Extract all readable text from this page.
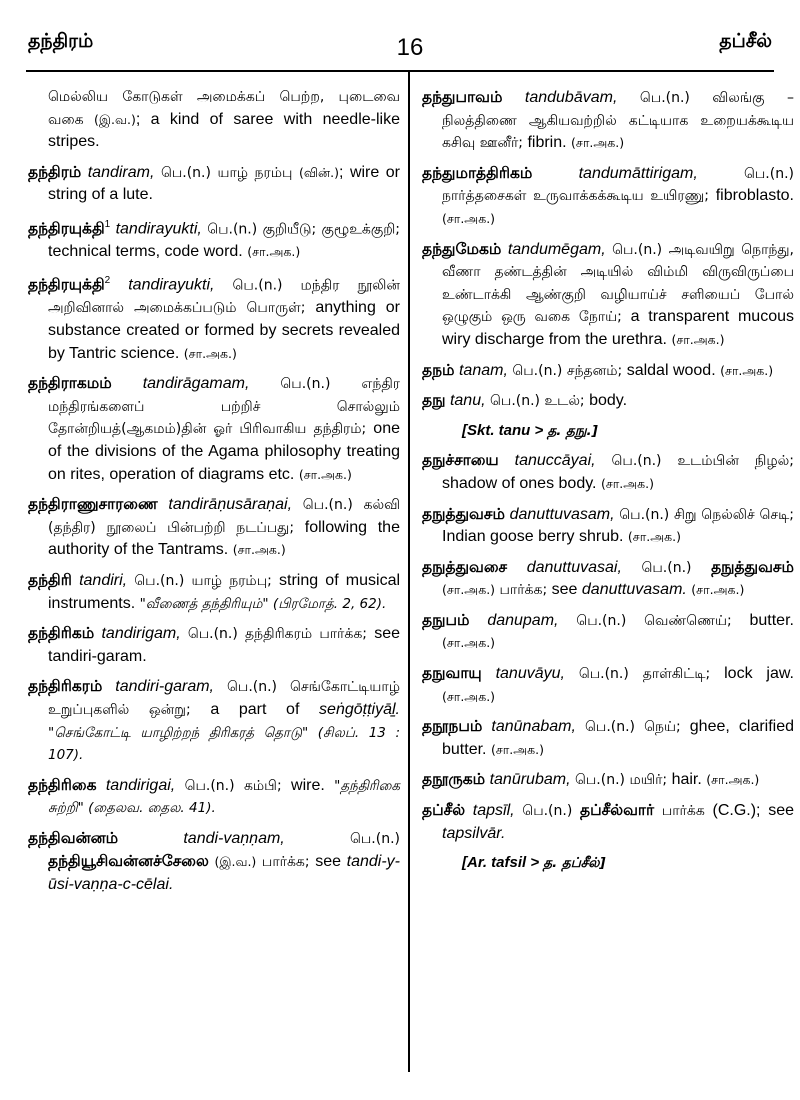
தந்திரம்	16	தப்சீல்

மெல்லிய கோடுகள் அமைக்கப் பெற்ற, புடைவை வகை (இ.வ.); a kind of saree with needle-like stripes.

தந்திரம் tandiram, பெ.(n.) யாழ் நரம்பு (வின்.); wire or string of a lute.

தந்திரயுக்தி$^1$ tandirayukti, பெ.(n.) குறியீடு; குழூஉக்குறி; technical terms, code word. (சா.அக.)

தந்திரயுக்தி$^2$ tandirayukti, பெ.(n.) மந்திர நூலின் அறிவினால் அமைக்கப்படும் பொருள்; anything or substance created or formed by secrets revealed by Tantric science. (சா.அக.)

தந்திராகமம் tandirāgamam, பெ.(n.) எந்திர மந்திரங்களைப் பற்றிச் சொல்லும் தோன்றியத்(ஆகமம்)தின் ஓர் பிரிவாகிய தந்திரம்; one of the divisions of the Agama philosophy treating on rites, operation of diagrams etc. (சா.அக.)

தந்திராணுசாரணை tandirāṇusāraṇai, பெ.(n.) கல்வி (தந்திர) நூலைப் பின்பற்றி நடப்பது; following the authority of the Tantrams. (சா.அக.)

தந்திரி tandiri, பெ.(n.) யாழ் நரம்பு; string of musical instruments. "வீணைத் தந்திரியும்" (பிரமோத். 2, 62).

தந்திரிகம் tandirigam, பெ.(n.) தந்திரிகரம் பார்க்க; see tandiri-garam.

தந்திரிகரம் tandiri-garam, பெ.(n.) செங்கோட்டியாழ் உறுப்புகளில் ஒன்று; a part of seṅgōṭṭiyāḻ. "செங்கோட்டி யாழிற்றந் திரிகரத் தொடு" (சிலப். 13 : 107).

தந்திரிகை tandirigai, பெ.(n.) கம்பி; wire. "தந்திரிகை சுற்றி" (தைலவ. தைல. 41).

தந்திவன்னம்	tandi-vaṇṇam,	பெ.(n.) தந்தியூசிவன்னச்சேலை (இ.வ.) பார்க்க; see tandi-y-ūsi-vaṇṇa-c-cēlai.

தந்துபாவம் tandubāvam, பெ.(n.) விலங்கு – நிலத்திணை ஆகியவற்றில் கட்டியாக உறையக்கூடிய கசிவு ஊனீர்; fibrin. (சா.அக.)

தந்துமாத்திரிகம்	tandumāttirigam,	பெ.(n.) நார்த்தசைகள் உருவாக்கக்கூடிய உயிரணு; fibroblasto. (சா.அக.)

தந்துமேகம் tandumēgam, பெ.(n.) அடிவயிறு நொந்து, வீணா தண்டத்தின் அடியில் விம்மி விருவிருப்பை உண்டாக்கி ஆண்குறி வழியாய்ச் சளியைப் போல் ஒழுகும் ஒரு வகை நோய்; a transparent mucous wiry discharge from the urethra. (சா.அக.)

தநம் tanam, பெ.(n.) சந்தனம்; saldal wood. (சா.அக.)

தநு tanu, பெ.(n.) உடல்; body.

[Skt. tanu > த. தநு.]

தநுச்சாயை tanuccāyai, பெ.(n.) உடம்பின் நிழல்; shadow of ones body. (சா.அக.)

தநுத்துவசம் danuttuvasam, பெ.(n.) சிறு நெல்லிச் செடி; Indian goose berry shrub. (சா.அக.)

தநுத்துவசை danuttuvasai, பெ.(n.) தநுத்துவசம் (சா.அக.) பார்க்க; see danuttuvasam. (சா.அக.)

தநுபம் danupam, பெ.(n.) வெண்ணெய்; butter. (சா.அக.)

தநுவாயு tanuvāyu, பெ.(n.) தாள்கிட்டி; lock jaw. (சா.அக.)

தநூநபம் tanūnabam, பெ.(n.) நெய்; ghee, clarified butter. (சா.அக.)

தநூருகம் tanūrubam, பெ.(n.) மயிர்; hair. (சா.அக.)

தப்சீல் tapsīl, பெ.(n.) தப்சீல்வார் பார்க்க (C.G.); see tapsilvār.

[Ar. tafsil > த. தப்சீல்]
